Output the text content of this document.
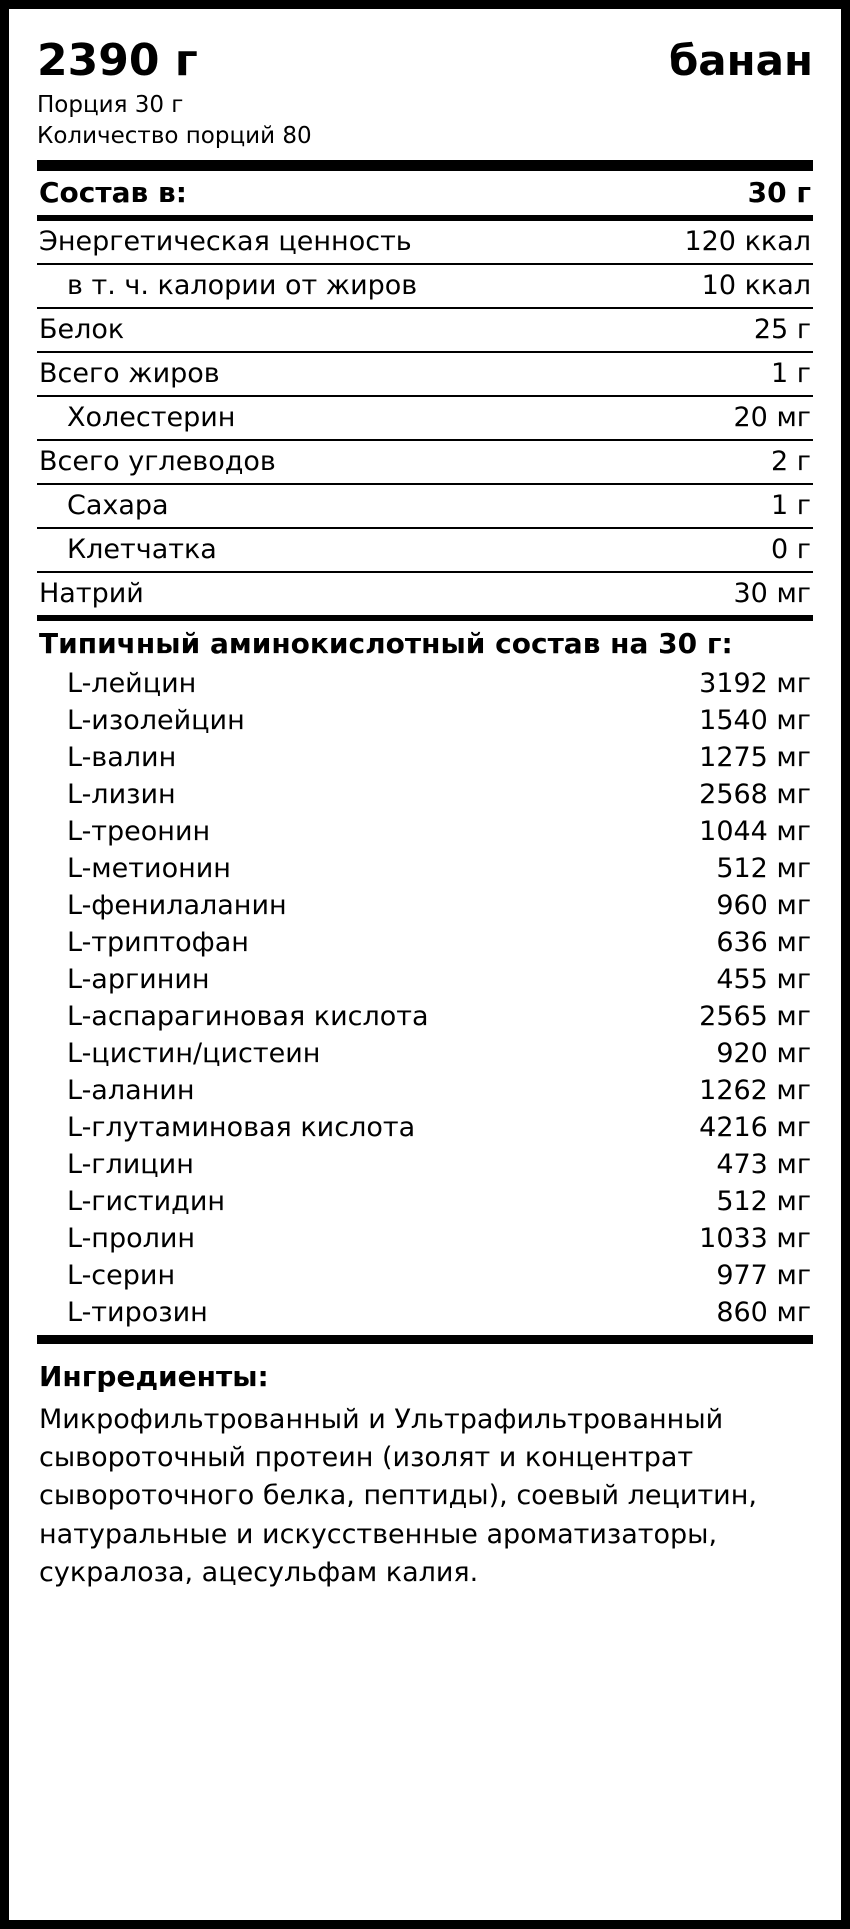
2390 г	банан
Порция 30 г
Количество порций 80
Состав в:	30 г
Энергетическая ценность	120 ккал
в т. ч. калории от жиров	10 ккал
Белок	25 г
Всего жиров	1 г
Холестерин	20 мг
Всего углеводов	2 г
Сахара	1 г
Клетчатка	0 г
Натрий	30 мг
Типичный аминокислотный состав на 30 г:
L-лейцин	3192 мг
L-изолейцин	1540 мг
L-валин	1275 мг
L-лизин	2568 мг
L-треонин	1044 мг
L-метионин	512 мг
L-фенилаланин	960 мг
L-триптофан	636 мг
L-аргинин	455 мг
L-аспарагиновая кислота	2565 мг
L-цистин/цистеин	920 мг
L-аланин	1262 мг
L-глутаминовая кислота	4216 мг
L-глицин	473 мг
L-гистидин	512 мг
L-пролин	1033 мг
L-серин	977 мг
L-тирозин	860 мг
Ингредиенты:
Микрофильтрованный и Ультрафильтрованный сывороточный протеин (изолят и концентрат сывороточного белка, пептиды), соевый лецитин, натуральные и искусственные ароматизаторы, сукралоза, ацесульфам калия.
